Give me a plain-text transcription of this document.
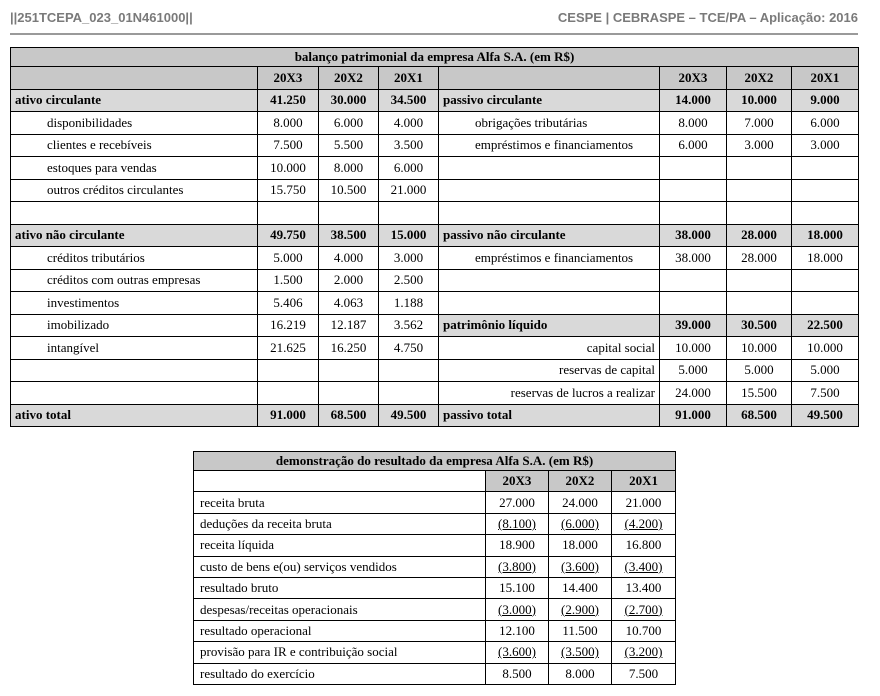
||251TCEPA_023_01N461000||	CESPE | CEBRASPE – TCE/PA – Aplicação: 2016
balanço patrimonial da empresa Alfa S.A. (em R$)							
	20X3	20X2	20X1		20X3	20X2	20X1
ativo circulante	41.250	30.000	34.500	passivo circulante	14.000	10.000	9.000
disponibilidades	8.000	6.000	4.000	obrigações tributárias	8.000	7.000	6.000
clientes e recebíveis	7.500	5.500	3.500	empréstimos e financiamentos	6.000	3.000	3.000
estoques para vendas	10.000	8.000	6.000				
outros créditos circulantes	15.750	10.500	21.000				

ativo não circulante	49.750	38.500	15.000	passivo não circulante	38.000	28.000	18.000
créditos tributários	5.000	4.000	3.000	empréstimos e financiamentos	38.000	28.000	18.000
créditos com outras empresas	1.500	2.000	2.500				
investimentos	5.406	4.063	1.188				
imobilizado	16.219	12.187	3.562	patrimônio líquido	39.000	30.500	22.500
intangível	21.625	16.250	4.750	capital social	10.000	10.000	10.000
				reservas de capital	5.000	5.000	5.000
				reservas de lucros a realizar	24.000	15.500	7.500
ativo total	91.000	68.500	49.500	passivo total	91.000	68.500	49.500
demonstração do resultado da empresa Alfa S.A. (em R$)			
	20X3	20X2	20X1
receita bruta	27.000	24.000	21.000
deduções da receita bruta	(8.100)	(6.000)	(4.200)
receita líquida	18.900	18.000	16.800
custo de bens e(ou) serviços vendidos	(3.800)	(3.600)	(3.400)
resultado bruto	15.100	14.400	13.400
despesas/receitas operacionais	(3.000)	(2.900)	(2.700)
resultado operacional	12.100	11.500	10.700
provisão para IR e contribuição social	(3.600)	(3.500)	(3.200)
resultado do exercício	8.500	8.000	7.500
